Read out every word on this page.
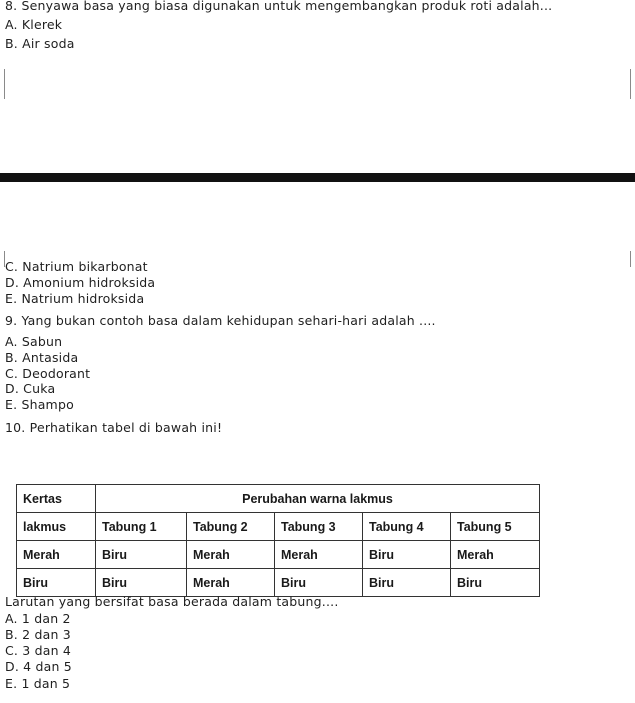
8. Senyawa basa yang biasa digunakan untuk mengembangkan produk roti adalah...
A. Klerek
B. Air soda
C. Natrium bikarbonat
D. Amonium hidroksida
E. Natrium hidroksida
9. Yang bukan contoh basa dalam kehidupan sehari-hari adalah ....
A. Sabun
B. Antasida
C. Deodorant
D. Cuka
E. Shampo
10. Perhatikan tabel di bawah ini!
Kertas	Perubahan warna lakmus				
lakmus	Tabung 1	Tabung 2	Tabung 3	Tabung 4	Tabung 5
Merah	Biru	Merah	Merah	Biru	Merah
Biru	Biru	Merah	Biru	Biru	Biru
Larutan yang bersifat basa berada dalam tabung....
A. 1 dan 2
B. 2 dan 3
C. 3 dan 4
D. 4 dan 5
E. 1 dan 5
